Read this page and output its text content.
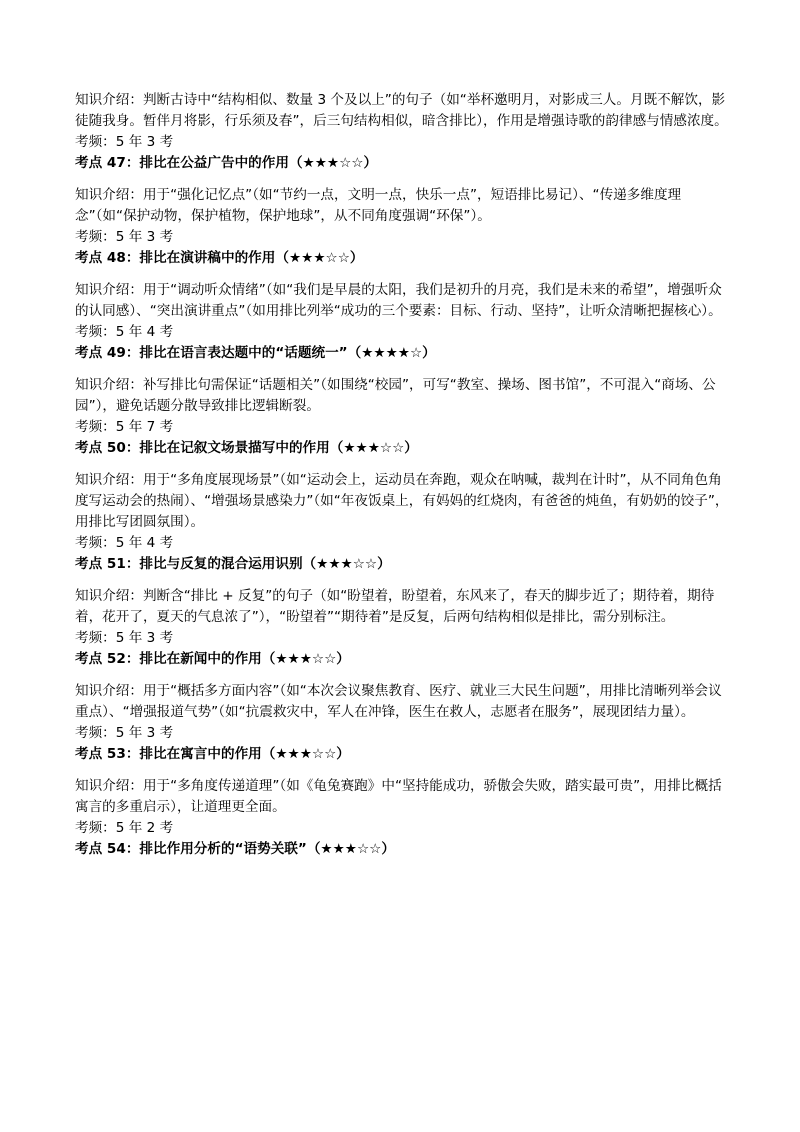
知识介绍：判断古诗中“结构相似、数量 3 个及以上”的句子（如“举杯邀明月，对影成三人。月既不解饮，影徒随我身。暂伴月将影，行乐须及春”，后三句结构相似，暗含排比），作用是增强诗歌的韵律感与情感浓度。

考频：5 年 3 考

考点 47：排比在公益广告中的作用（★★★☆☆）

知识介绍：用于“强化记忆点”（如“节约一点，文明一点，快乐一点”，短语排比易记）、“传递多维度理念”（如“保护动物，保护植物，保护地球”，从不同角度强调“环保”）。

考频：5 年 3 考

考点 48：排比在演讲稿中的作用（★★★☆☆）

知识介绍：用于“调动听众情绪”（如“我们是早晨的太阳，我们是初升的月亮，我们是未来的希望”，增强听众的认同感）、“突出演讲重点”（如用排比列举“成功的三个要素：目标、行动、坚持”，让听众清晰把握核心）。

考频：5 年 4 考

考点 49：排比在语言表达题中的“话题统一”（★★★★☆）

知识介绍：补写排比句需保证“话题相关”（如围绕“校园”，可写“教室、操场、图书馆”，不可混入“商场、公园”），避免话题分散导致排比逻辑断裂。

考频：5 年 7 考

考点 50：排比在记叙文场景描写中的作用（★★★☆☆）

知识介绍：用于“多角度展现场景”（如“运动会上，运动员在奔跑，观众在呐喊，裁判在计时”，从不同角色角度写运动会的热闹）、“增强场景感染力”（如“年夜饭桌上，有妈妈的红烧肉，有爸爸的炖鱼，有奶奶的饺子”，用排比写团圆氛围）。

考频：5 年 4 考

考点 51：排比与反复的混合运用识别（★★★☆☆）

知识介绍：判断含“排比 + 反复”的句子（如“盼望着，盼望着，东风来了，春天的脚步近了；期待着，期待着，花开了，夏天的气息浓了”），“盼望着”“期待着”是反复，后两句结构相似是排比，需分别标注。

考频：5 年 3 考

考点 52：排比在新闻中的作用（★★★☆☆）

知识介绍：用于“概括多方面内容”（如“本次会议聚焦教育、医疗、就业三大民生问题”，用排比清晰列举会议重点）、“增强报道气势”（如“抗震救灾中，军人在冲锋，医生在救人，志愿者在服务”，展现团结力量）。

考频：5 年 3 考

考点 53：排比在寓言中的作用（★★★☆☆）

知识介绍：用于“多角度传递道理”（如《龟兔赛跑》中“坚持能成功，骄傲会失败，踏实最可贵”，用排比概括寓言的多重启示），让道理更全面。

考频：5 年 2 考

考点 54：排比作用分析的“语势关联”（★★★☆☆）
